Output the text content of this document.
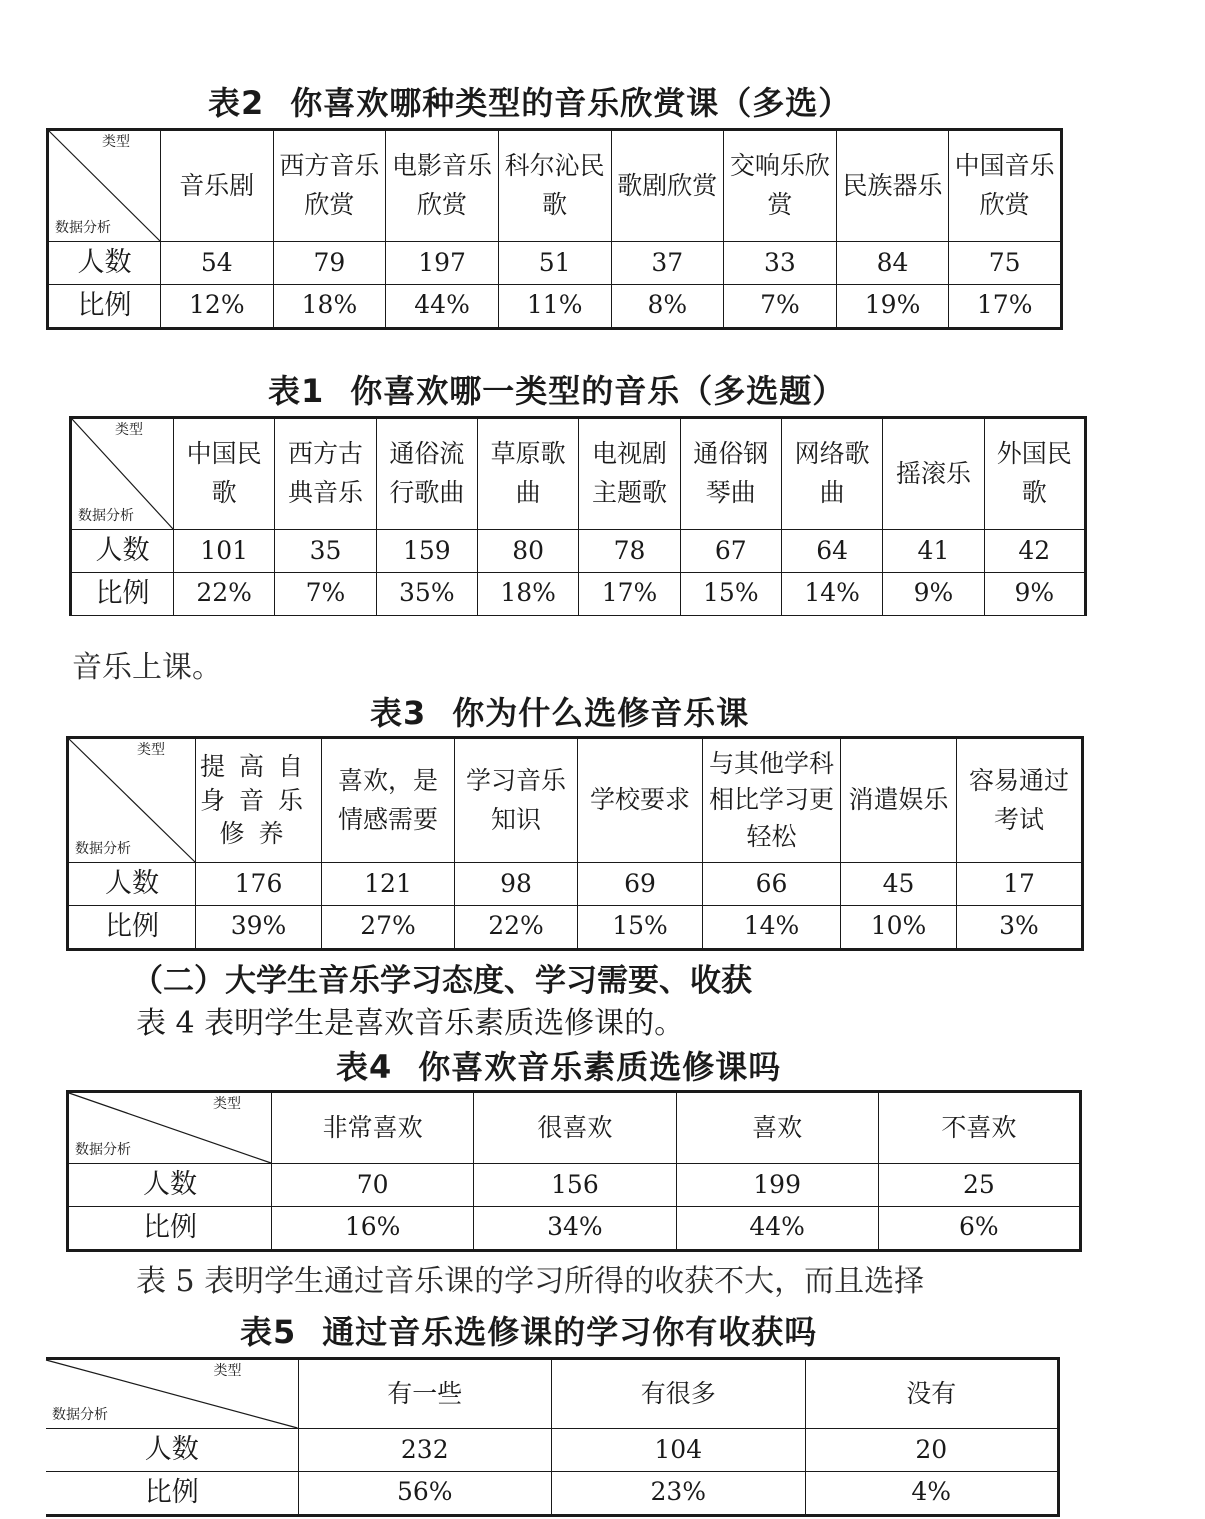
表2 你喜欢哪种类型的音乐欣赏课（多选）
类型
数据分析	音乐剧	西方音乐欣赏	电影音乐欣赏	科尔沁民歌	歌剧欣赏	交响乐欣赏	民族器乐	中国音乐欣赏
人数	54	79	197	51	37	33	84	75
比例	12%	18%	44%	11%	8%	7%	19%	17%
表1 你喜欢哪一类型的音乐（多选题）
类型
数据分析	中国民歌	西方古典音乐	通俗流行歌曲	草原歌曲	电视剧主题歌	通俗钢琴曲	网络歌曲	摇滚乐	外国民歌
人数	101	35	159	80	78	67	64	41	42
比例	22%	7%	35%	18%	17%	15%	14%	9%	9%
音乐上课。
表3 你为什么选修音乐课
类型
数据分析	提高自身音乐修养	喜欢，是情感需要	学习音乐知识	学校要求	与其他学科相比学习更轻松	消遣娱乐	容易通过考试
人数	176	121	98	69	66	45	17
比例	39%	27%	22%	15%	14%	10%	3%
（二）大学生音乐学习态度、学习需要、收获
表 4 表明学生是喜欢音乐素质选修课的。
表4 你喜欢音乐素质选修课吗
类型
数据分析	非常喜欢	很喜欢	喜欢	不喜欢
人数	70	156	199	25
比例	16%	34%	44%	6%
表 5 表明学生通过音乐课的学习所得的收获不大，而且选择
表5 通过音乐选修课的学习你有收获吗
类型
数据分析	有一些	有很多	没有
人数	232	104	20
比例	56%	23%	4%
